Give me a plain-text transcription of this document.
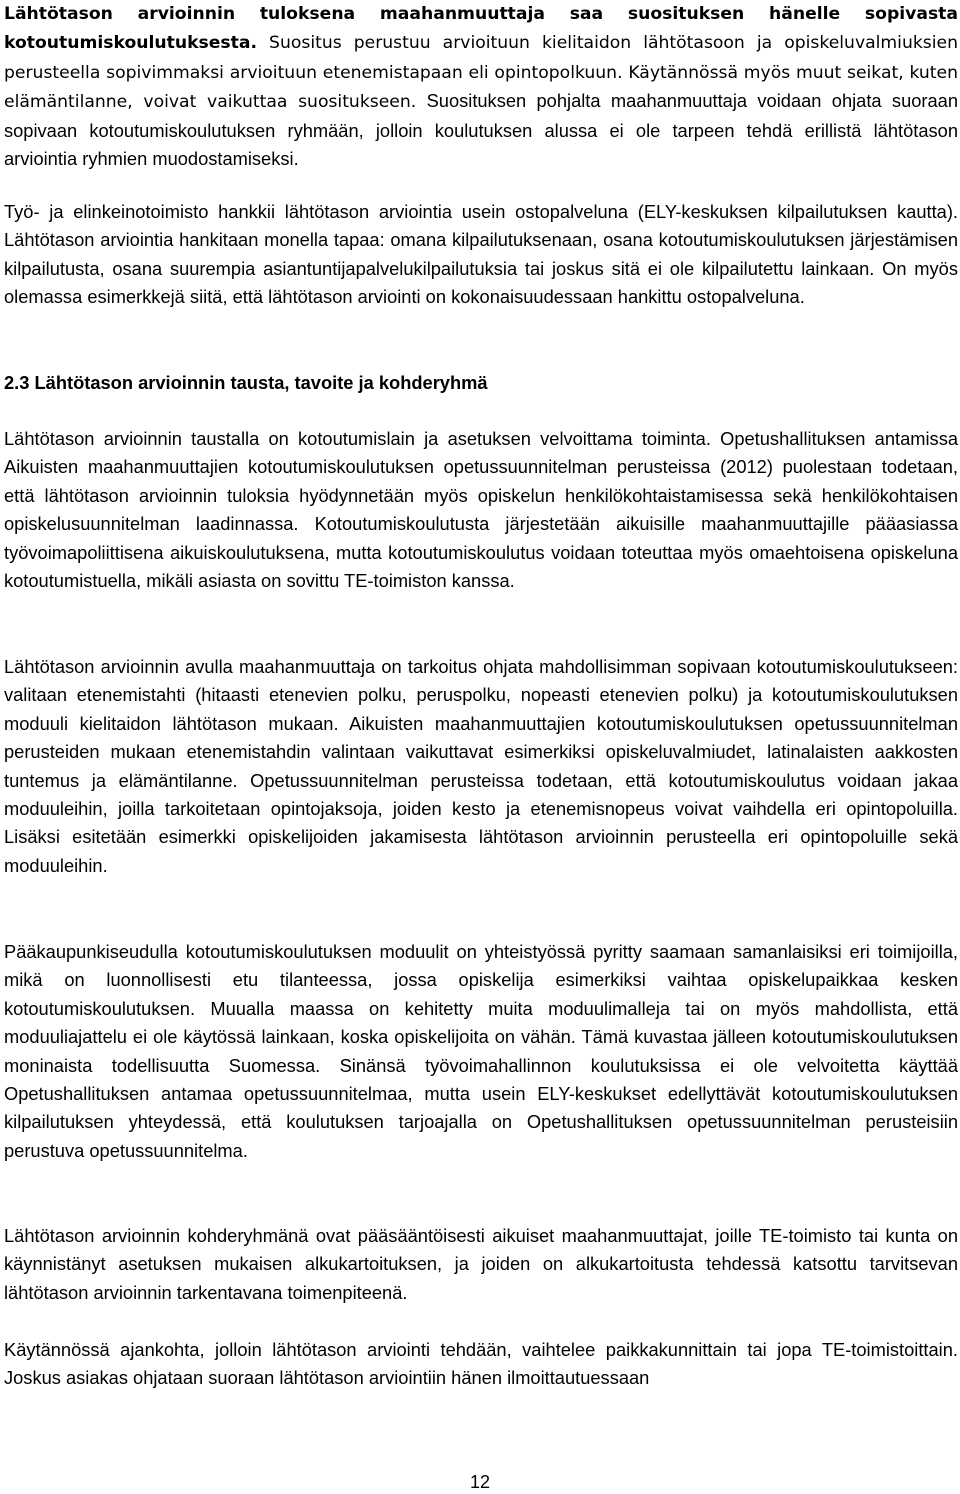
Lähtötason arvioinnin tuloksena maahanmuuttaja saa suosituksen hänelle sopivasta kotoutumiskoulutuksesta. Suositus perustuu arvioituun kielitaidon lähtötasoon ja opiskeluvalmiuksien perusteella sopivimmaksi arvioituun etenemistapaan eli opintopolkuun. Käytännössä myös muut seikat, kuten elämäntilanne, voivat vaikuttaa suositukseen. Suosituksen pohjalta maahanmuuttaja voidaan ohjata suoraan sopivaan kotoutumiskoulutuksen ryhmään, jolloin koulutuksen alussa ei ole tarpeen tehdä erillistä lähtötason arviointia ryhmien muodostamiseksi.

Työ- ja elinkeinotoimisto hankkii lähtötason arviointia usein ostopalveluna (ELY-keskuksen kilpailutuksen kautta). Lähtötason arviointia hankitaan monella tapaa: omana kilpailutuksenaan, osana kotoutumiskoulutuksen järjestämisen kilpailutusta, osana suurempia asiantuntijapalvelukilpailutuksia tai joskus sitä ei ole kilpailutettu lainkaan. On myös olemassa esimerkkejä siitä, että lähtötason arviointi on kokonaisuudessaan hankittu ostopalveluna.

2.3 Lähtötason arvioinnin tausta, tavoite ja kohderyhmä

Lähtötason arvioinnin taustalla on kotoutumislain ja asetuksen velvoittama toiminta. Opetushallituksen antamissa Aikuisten maahanmuuttajien kotoutumiskoulutuksen opetussuunnitelman perusteissa (2012) puolestaan todetaan, että lähtötason arvioinnin tuloksia hyödynnetään myös opiskelun henkilökohtaistamisessa sekä henkilökohtaisen opiskelusuunnitelman laadinnassa. Kotoutumiskoulutusta järjestetään aikuisille maahanmuuttajille pääasiassa työvoimapoliittisena aikuiskoulutuksena, mutta kotoutumiskoulutus voidaan toteuttaa myös omaehtoisena opiskeluna kotoutumistuella, mikäli asiasta on sovittu TE-toimiston kanssa.

Lähtötason arvioinnin avulla maahanmuuttaja on tarkoitus ohjata mahdollisimman sopivaan kotoutumiskoulutukseen: valitaan etenemistahti (hitaasti etenevien polku, peruspolku, nopeasti etenevien polku) ja kotoutumiskoulutuksen moduuli kielitaidon lähtötason mukaan. Aikuisten maahanmuuttajien kotoutumiskoulutuksen opetussuunnitelman perusteiden mukaan etenemistahdin valintaan vaikuttavat esimerkiksi opiskeluvalmiudet, latinalaisten aakkosten tuntemus ja elämäntilanne. Opetussuunnitelman perusteissa todetaan, että kotoutumiskoulutus voidaan jakaa moduuleihin, joilla tarkoitetaan opintojaksoja, joiden kesto ja etenemisnopeus voivat vaihdella eri opintopoluilla. Lisäksi esitetään esimerkki opiskelijoiden jakamisesta lähtötason arvioinnin perusteella eri opintopoluille sekä moduuleihin.

Pääkaupunkiseudulla kotoutumiskoulutuksen moduulit on yhteistyössä pyritty saamaan samanlaisiksi eri toimijoilla, mikä on luonnollisesti etu tilanteessa, jossa opiskelija esimerkiksi vaihtaa opiskelupaikkaa kesken kotoutumiskoulutuksen. Muualla maassa on kehitetty muita moduulimalleja tai on myös mahdollista, että moduuliajattelu ei ole käytössä lainkaan, koska opiskelijoita on vähän. Tämä kuvastaa jälleen kotoutumiskoulutuksen moninaista todellisuutta Suomessa. Sinänsä työvoimahallinnon koulutuksissa ei ole velvoitetta käyttää Opetushallituksen antamaa opetussuunnitelmaa, mutta usein ELY-keskukset edellyttävät kotoutumiskoulutuksen kilpailutuksen yhteydessä, että koulutuksen tarjoajalla on Opetushallituksen opetussuunnitelman perusteisiin perustuva opetussuunnitelma.

Lähtötason arvioinnin kohderyhmänä ovat pääsääntöisesti aikuiset maahanmuuttajat, joille TE-toimisto tai kunta on käynnistänyt asetuksen mukaisen alkukartoituksen, ja joiden on alkukartoitusta tehdessä katsottu tarvitsevan lähtötason arvioinnin tarkentavana toimenpiteenä.

Käytännössä ajankohta, jolloin lähtötason arviointi tehdään, vaihtelee paikkakunnittain tai jopa TE-toimistoittain. Joskus asiakas ohjataan suoraan lähtötason arviointiin hänen ilmoittautuessaan

12
